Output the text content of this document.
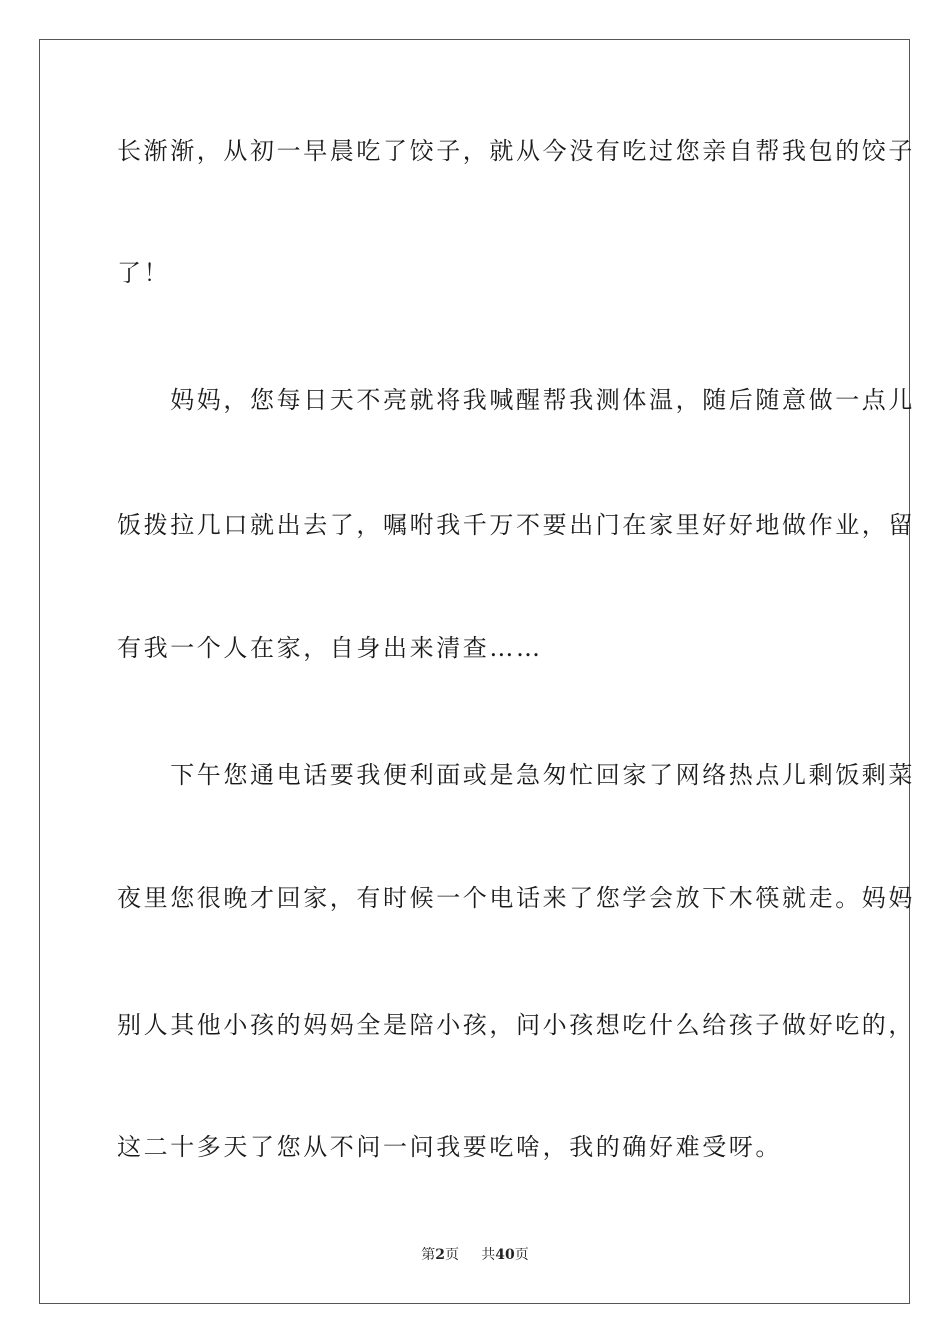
长渐渐，从初一早晨吃了饺子，就从今没有吃过您亲自帮我包的饺子
了！
　　妈妈，您每日天不亮就将我喊醒帮我测体温，随后随意做一点儿
饭拨拉几口就出去了，嘱咐我千万不要出门在家里好好地做作业，留
有我一个人在家，自身出来清查……
　　下午您通电话要我便利面或是急匆忙回家了网络热点儿剩饭剩菜
夜里您很晚才回家，有时候一个电话来了您学会放下木筷就走。妈妈
别人其他小孩的妈妈全是陪小孩，问小孩想吃什么给孩子做好吃的，
这二十多天了您从不问一问我要吃啥，我的确好难受呀。
第2页 共40页
